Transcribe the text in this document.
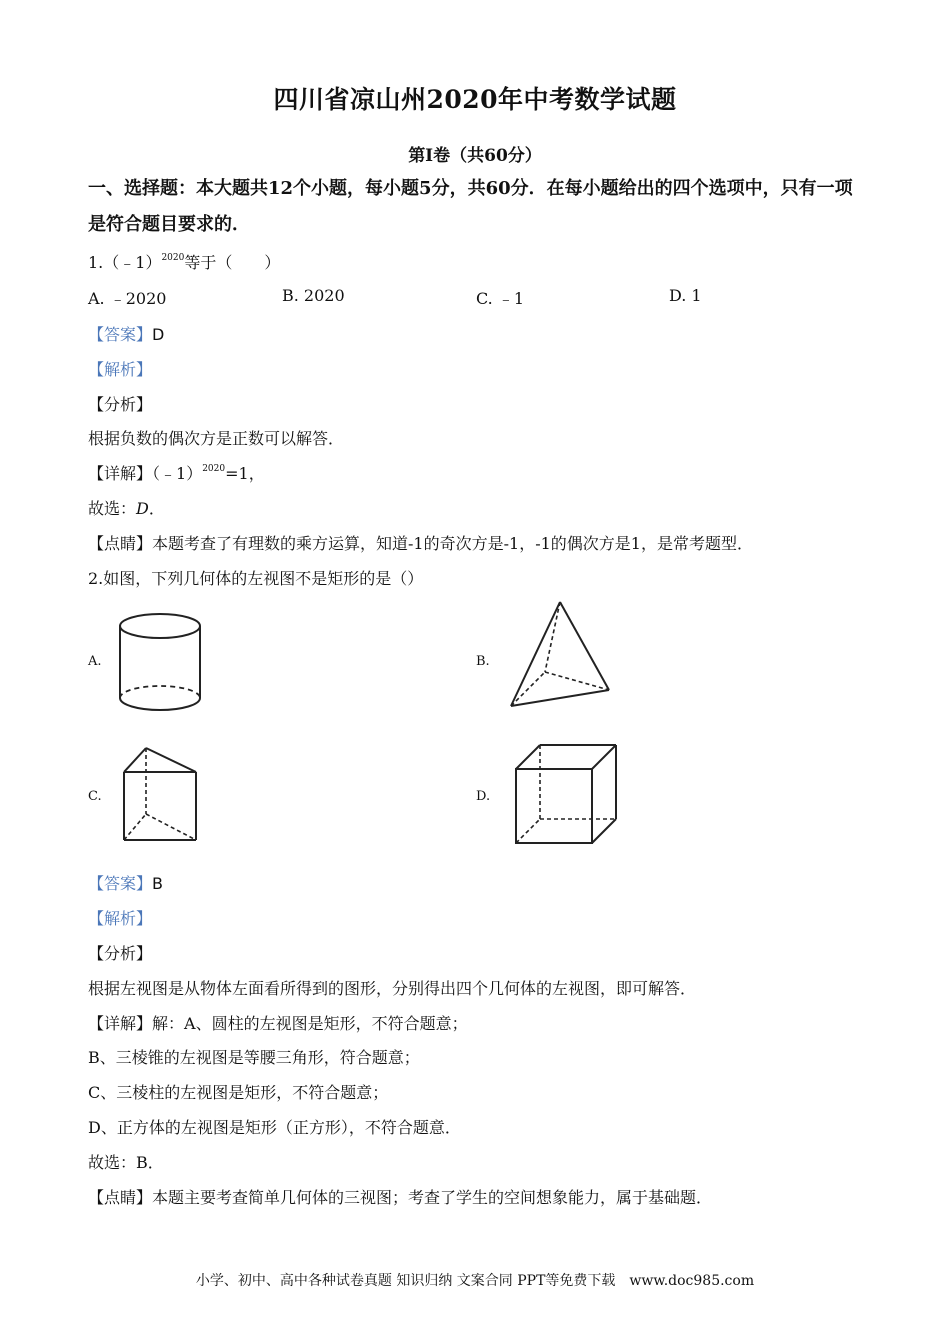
四川省凉山州2020年中考数学试题
第Ⅰ卷（共60分）
一、选择题：本大题共12个小题，每小题5分，共60分．在每小题给出的四个选项中，只有一项是符合题目要求的．
1.（﹣1）$^{2020}$等于（　　）
A. ﹣2020	B. 2020	C. ﹣1	D. 1
【答案】D
【解析】
【分析】
根据负数的偶次方是正数可以解答．
【详解】（﹣1）$^{2020}$=1，
故选：D．
【点睛】本题考查了有理数的乘方运算，知道-1的奇次方是-1，-1的偶次方是1，是常考题型．
2.如图，下列几何体的左视图不是矩形的是（）
A.	B.
C.	D.
【答案】B
【解析】
【分析】
根据左视图是从物体左面看所得到的图形，分别得出四个几何体的左视图，即可解答．
【详解】解：A、圆柱的左视图是矩形，不符合题意；
B、三棱锥的左视图是等腰三角形，符合题意；
C、三棱柱的左视图是矩形，不符合题意；
D、正方体的左视图是矩形（正方形），不符合题意．
故选：B．
【点睛】本题主要考查简单几何体的三视图；考查了学生的空间想象能力，属于基础题．
小学、初中、高中各种试卷真题 知识归纳 文案合同 PPT等免费下载　www.doc985.com
